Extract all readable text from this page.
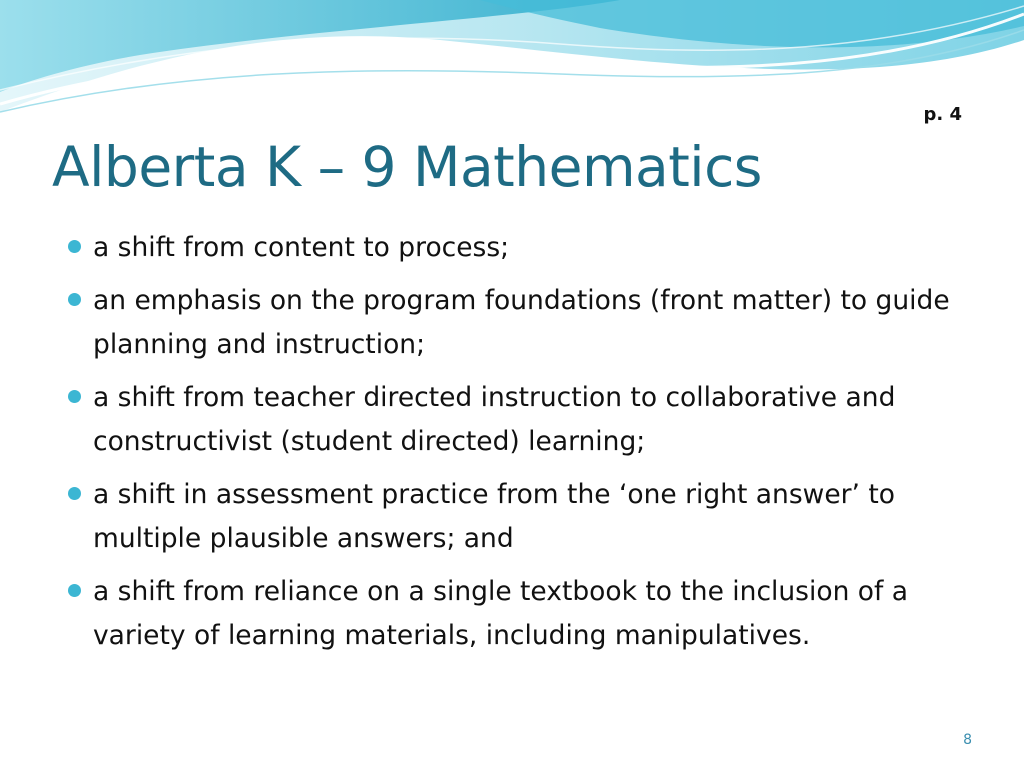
p. 4
Alberta K – 9 Mathematics
a shift from content to process;
an emphasis on the program foundations (front matter) to guide planning and instruction;
a shift from teacher directed instruction to collaborative and constructivist (student directed) learning;
a shift in assessment practice from the ‘one right answer’ to multiple plausible answers; and
a shift from reliance on a single textbook to the inclusion of a variety of learning materials, including manipulatives.
8
